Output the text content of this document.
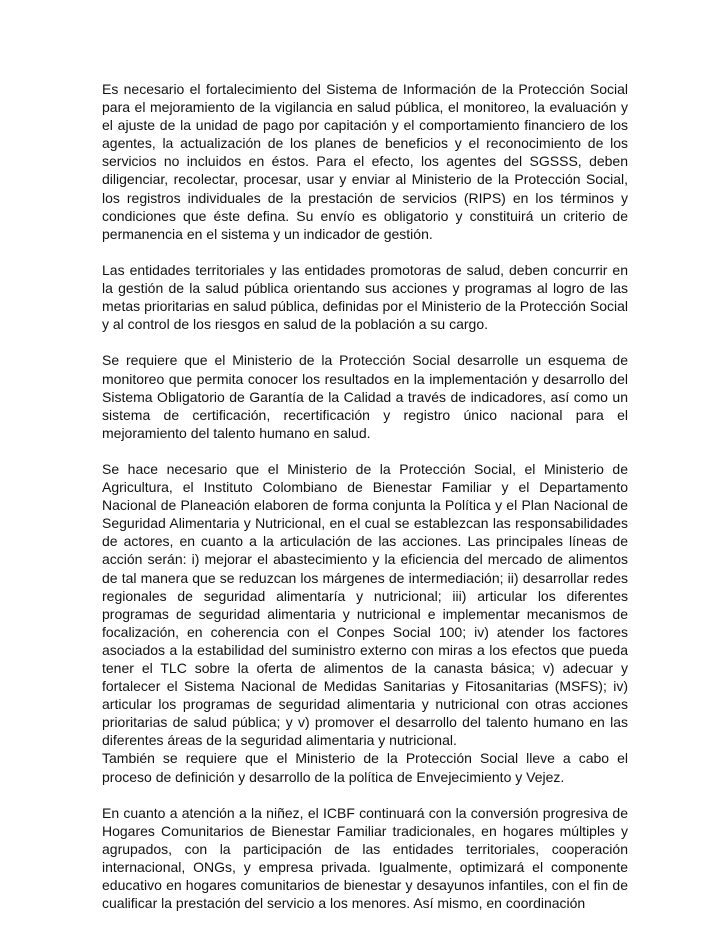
Es necesario el fortalecimiento del Sistema de Información de la Protección Social para el mejoramiento de la vigilancia en salud pública, el monitoreo, la evaluación y el ajuste de la unidad de pago por capitación y el comportamiento financiero de los agentes, la actualización de los planes de beneficios y el reconocimiento de los servicios no incluidos en éstos. Para el efecto, los agentes del SGSSS, deben diligenciar, recolectar, procesar, usar y enviar al Ministerio de la Protección Social, los registros individuales de la prestación de servicios (RIPS) en los términos y condiciones que éste defina. Su envío es obligatorio y constituirá un criterio de permanencia en el sistema y un indicador de gestión.

Las entidades territoriales y las entidades promotoras de salud, deben concurrir en la gestión de la salud pública orientando sus acciones y programas al logro de las metas prioritarias en salud pública, definidas por el Ministerio de la Protección Social y al control de los riesgos en salud de la población a su cargo.

Se requiere que el Ministerio de la Protección Social desarrolle un esquema de monitoreo que permita conocer los resultados en la implementación y desarrollo del Sistema Obligatorio de Garantía de la Calidad a través de indicadores, así como un sistema de certificación, recertificación y registro único nacional para el mejoramiento del talento humano en salud.

Se hace necesario que el Ministerio de la Protección Social, el Ministerio de Agricultura, el Instituto Colombiano de Bienestar Familiar y el Departamento Nacional de Planeación elaboren de forma conjunta la Política y el Plan Nacional de Seguridad Alimentaria y Nutricional, en el cual se establezcan las responsabilidades de actores, en cuanto a la articulación de las acciones. Las principales líneas de acción serán: i) mejorar el abastecimiento y la eficiencia del mercado de alimentos de tal manera que se reduzcan los márgenes de intermediación; ii) desarrollar redes regionales de seguridad alimentaría y nutricional; iii) articular los diferentes programas de seguridad alimentaria y nutricional e implementar mecanismos de focalización, en coherencia con el Conpes Social 100; iv) atender los factores asociados a la estabilidad del suministro externo con miras a los efectos que pueda tener el TLC sobre la oferta de alimentos de la canasta básica; v) adecuar y fortalecer el Sistema Nacional de Medidas Sanitarias y Fitosanitarias (MSFS); iv) articular los programas de seguridad alimentaria y nutricional con otras acciones prioritarias de salud pública; y v) promover el desarrollo del talento humano en las diferentes áreas de la seguridad alimentaria y nutricional.

También se requiere que el Ministerio de la Protección Social lleve a cabo el proceso de definición y desarrollo de la política de Envejecimiento y Vejez.

En cuanto a atención a la niñez, el ICBF continuará con la conversión progresiva de Hogares Comunitarios de Bienestar Familiar tradicionales, en hogares múltiples y agrupados, con la participación de las entidades territoriales, cooperación internacional, ONGs, y empresa privada. Igualmente, optimizará el componente educativo en hogares comunitarios de bienestar y desayunos infantiles, con el fin de cualificar la prestación del servicio a los menores. Así mismo, en coordinación
